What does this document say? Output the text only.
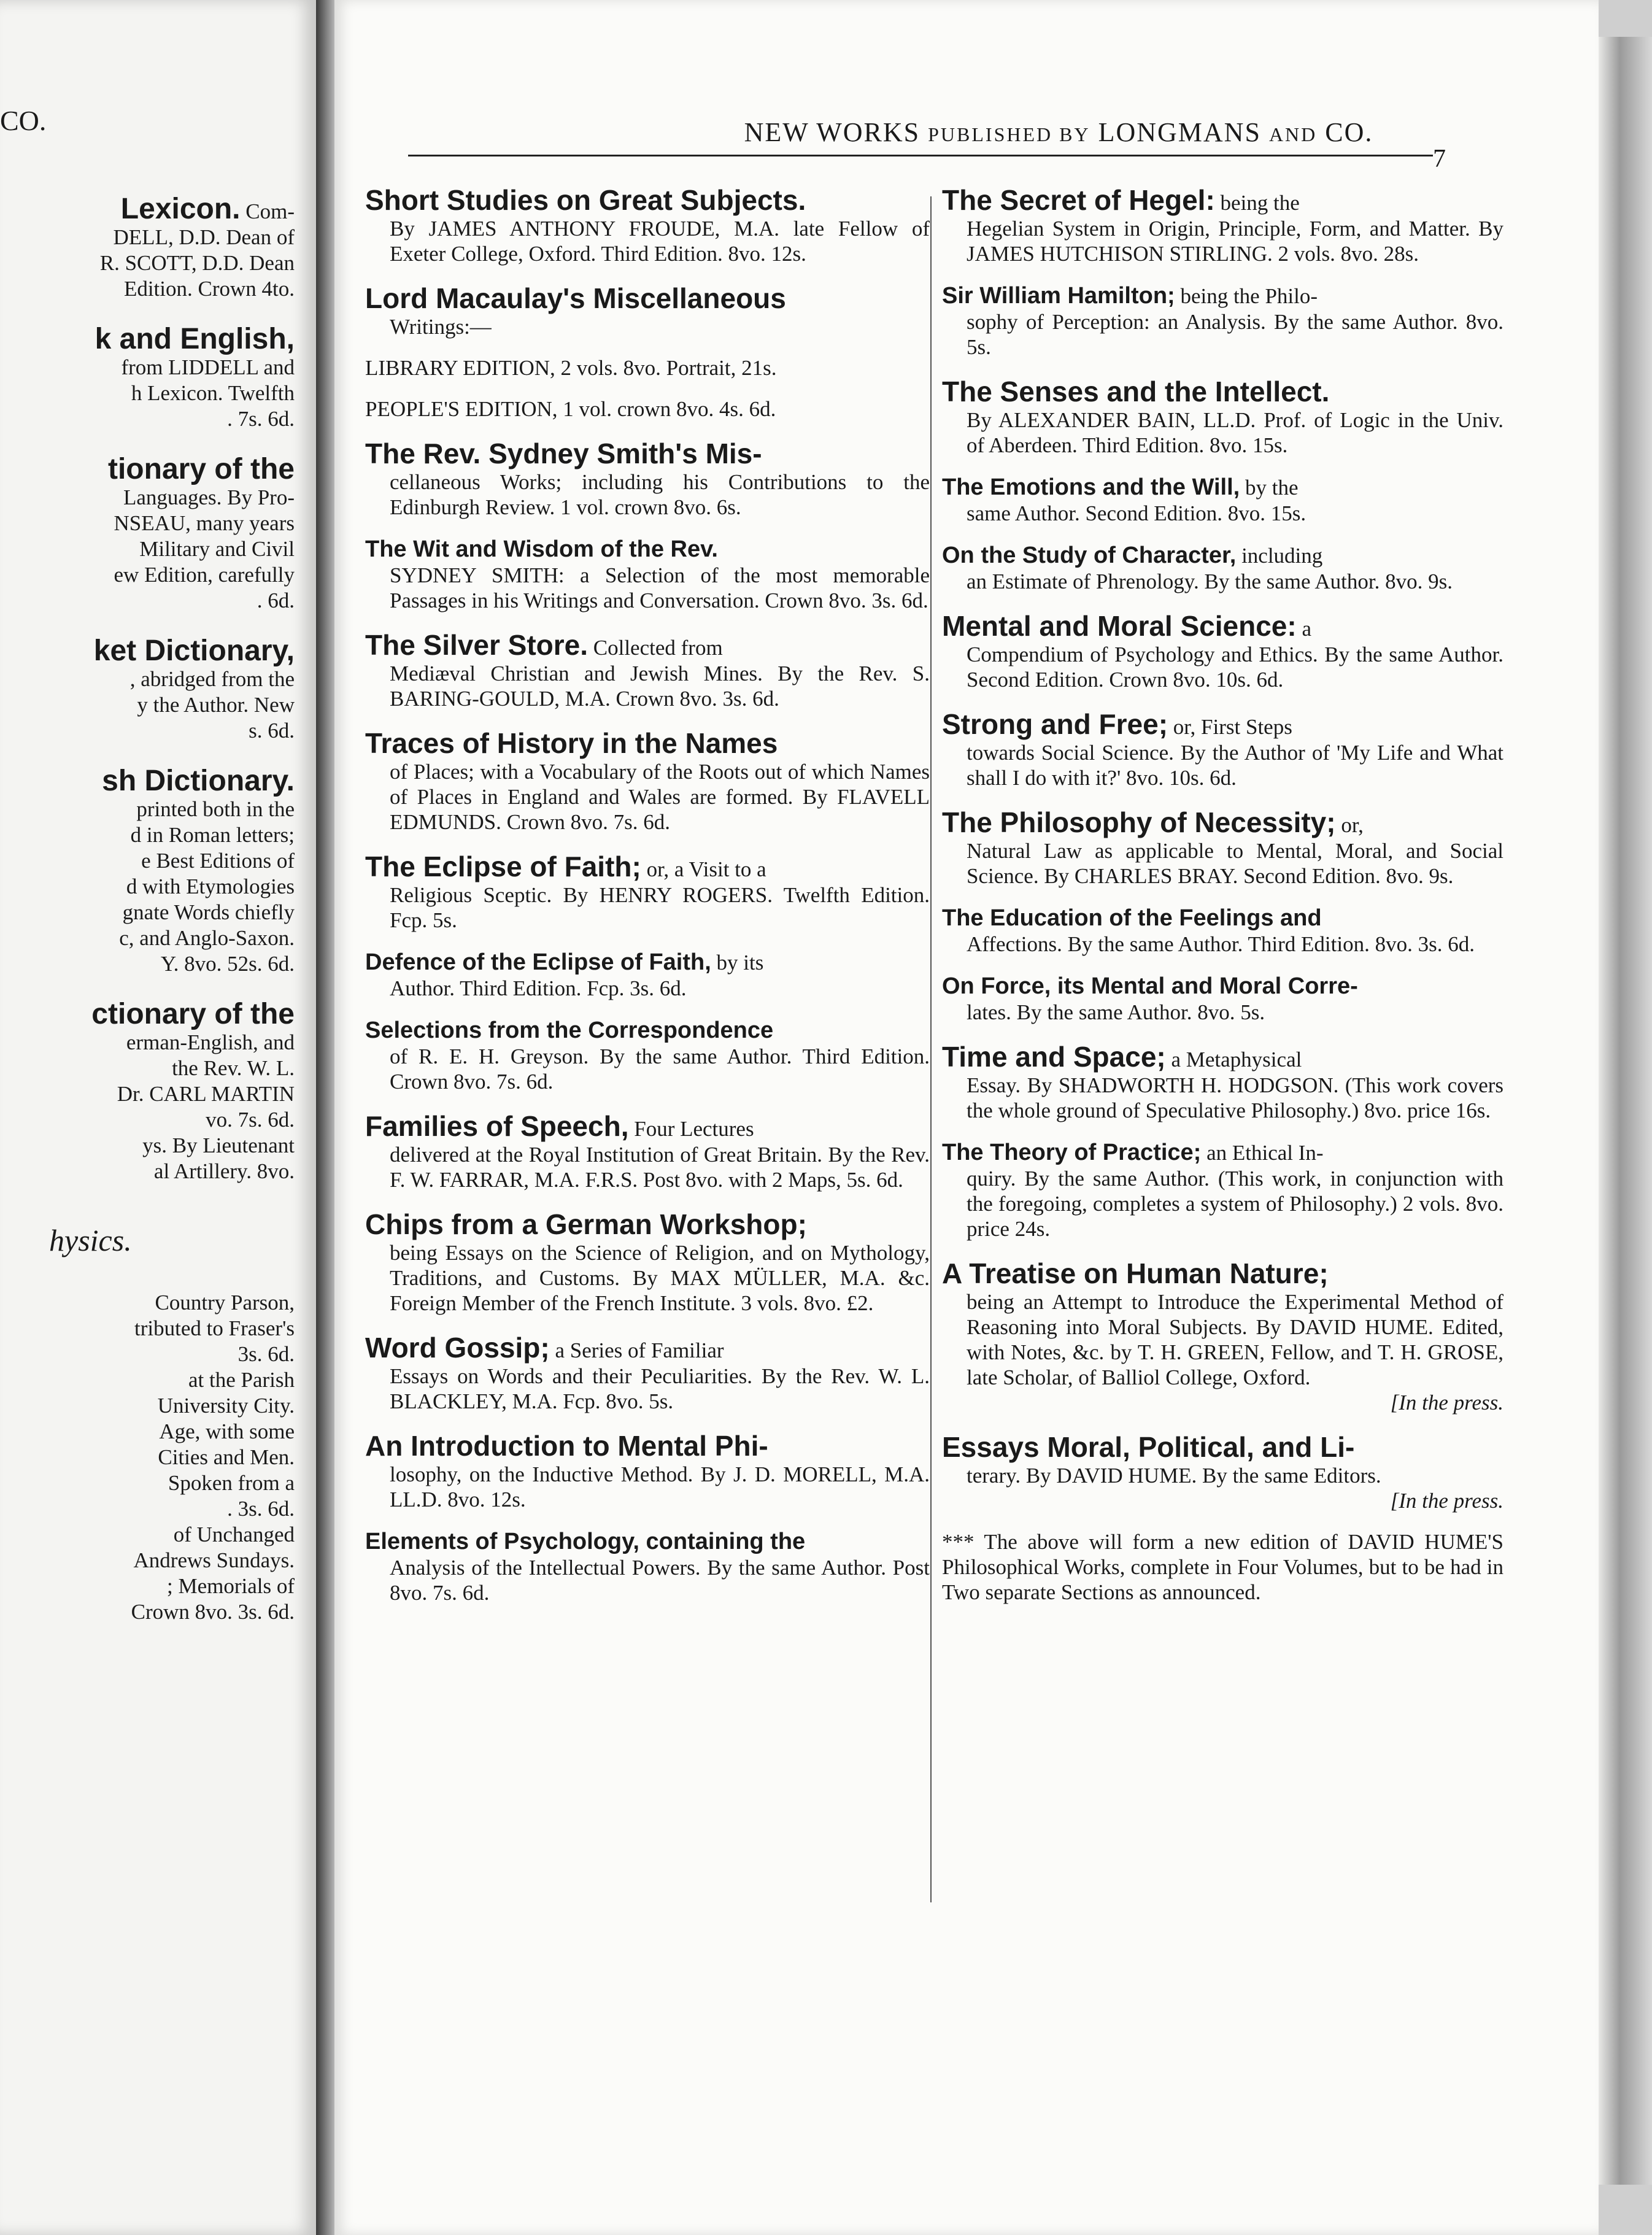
CO.
Lexicon. Com-
DELL, D.D. Dean of
R. SCOTT, D.D. Dean
Edition. Crown 4to.
k and English,
from LIDDELL and
h Lexicon. Twelfth
. 7s. 6d.
tionary of the
Languages. By Pro-
NSEAU, many years
Military and Civil
ew Edition, carefully
. 6d.
ket Dictionary,
, abridged from the
y the Author. New
s. 6d.
sh Dictionary.
printed both in the
d in Roman letters;
e Best Editions of
d with Etymologies
gnate Words chiefly
c, and Anglo-Saxon.
Y. 8vo. 52s. 6d.
ctionary of the
erman-English, and
the Rev. W. L.
Dr. CARL MARTIN
vo. 7s. 6d.
ys. By Lieutenant
al Artillery. 8vo.
hysics.
Country Parson,
tributed to Fraser's
3s. 6d.
at the Parish
University City.
Age, with some
Cities and Men.
Spoken from a
. 3s. 6d.
of Unchanged
Andrews Sundays.
; Memorials of
Crown 8vo. 3s. 6d.
NEW WORKS PUBLISHED BY LONGMANS AND CO.
7
Short Studies on Great Subjects.
By JAMES ANTHONY FROUDE, M.A. late Fellow of Exeter College, Oxford. Third Edition. 8vo. 12s.
Lord Macaulay's Miscellaneous
Writings:—
LIBRARY EDITION, 2 vols. 8vo. Portrait, 21s.
PEOPLE'S EDITION, 1 vol. crown 8vo. 4s. 6d.
The Rev. Sydney Smith's Mis-
cellaneous Works; including his Contributions to the Edinburgh Review. 1 vol. crown 8vo. 6s.
The Wit and Wisdom of the Rev.
SYDNEY SMITH: a Selection of the most memorable Passages in his Writings and Conversation. Crown 8vo. 3s. 6d.
The Silver Store. Collected from
Mediæval Christian and Jewish Mines. By the Rev. S. BARING-GOULD, M.A. Crown 8vo. 3s. 6d.
Traces of History in the Names
of Places; with a Vocabulary of the Roots out of which Names of Places in England and Wales are formed. By FLAVELL EDMUNDS. Crown 8vo. 7s. 6d.
The Eclipse of Faith; or, a Visit to a
Religious Sceptic. By HENRY ROGERS. Twelfth Edition. Fcp. 5s.
Defence of the Eclipse of Faith, by its
Author. Third Edition. Fcp. 3s. 6d.
Selections from the Correspondence
of R. E. H. Greyson. By the same Author. Third Edition. Crown 8vo. 7s. 6d.
Families of Speech, Four Lectures
delivered at the Royal Institution of Great Britain. By the Rev. F. W. FARRAR, M.A. F.R.S. Post 8vo. with 2 Maps, 5s. 6d.
Chips from a German Workshop;
being Essays on the Science of Religion, and on Mythology, Traditions, and Customs. By MAX MÜLLER, M.A. &c. Foreign Member of the French Institute. 3 vols. 8vo. £2.
Word Gossip; a Series of Familiar
Essays on Words and their Peculiarities. By the Rev. W. L. BLACKLEY, M.A. Fcp. 8vo. 5s.
An Introduction to Mental Phi-
losophy, on the Inductive Method. By J. D. MORELL, M.A. LL.D. 8vo. 12s.
Elements of Psychology, containing the
Analysis of the Intellectual Powers. By the same Author. Post 8vo. 7s. 6d.
The Secret of Hegel: being the
Hegelian System in Origin, Principle, Form, and Matter. By JAMES HUTCHISON STIRLING. 2 vols. 8vo. 28s.
Sir William Hamilton; being the Philo-
sophy of Perception: an Analysis. By the same Author. 8vo. 5s.
The Senses and the Intellect.
By ALEXANDER BAIN, LL.D. Prof. of Logic in the Univ. of Aberdeen. Third Edition. 8vo. 15s.
The Emotions and the Will, by the
same Author. Second Edition. 8vo. 15s.
On the Study of Character, including
an Estimate of Phrenology. By the same Author. 8vo. 9s.
Mental and Moral Science: a
Compendium of Psychology and Ethics. By the same Author. Second Edition. Crown 8vo. 10s. 6d.
Strong and Free; or, First Steps
towards Social Science. By the Author of 'My Life and What shall I do with it?' 8vo. 10s. 6d.
The Philosophy of Necessity; or,
Natural Law as applicable to Mental, Moral, and Social Science. By CHARLES BRAY. Second Edition. 8vo. 9s.
The Education of the Feelings and
Affections. By the same Author. Third Edition. 8vo. 3s. 6d.
On Force, its Mental and Moral Corre-
lates. By the same Author. 8vo. 5s.
Time and Space; a Metaphysical
Essay. By SHADWORTH H. HODGSON. (This work covers the whole ground of Speculative Philosophy.) 8vo. price 16s.
The Theory of Practice; an Ethical In-
quiry. By the same Author. (This work, in conjunction with the foregoing, completes a system of Philosophy.) 2 vols. 8vo. price 24s.
A Treatise on Human Nature;
being an Attempt to Introduce the Experimental Method of Reasoning into Moral Subjects. By DAVID HUME. Edited, with Notes, &c. by T. H. GREEN, Fellow, and T. H. GROSE, late Scholar, of Balliol College, Oxford.
[In the press.
Essays Moral, Political, and Li-
terary. By DAVID HUME. By the same Editors.
[In the press.
*** The above will form a new edition of DAVID HUME'S Philosophical Works, complete in Four Volumes, but to be had in Two separate Sections as announced.
